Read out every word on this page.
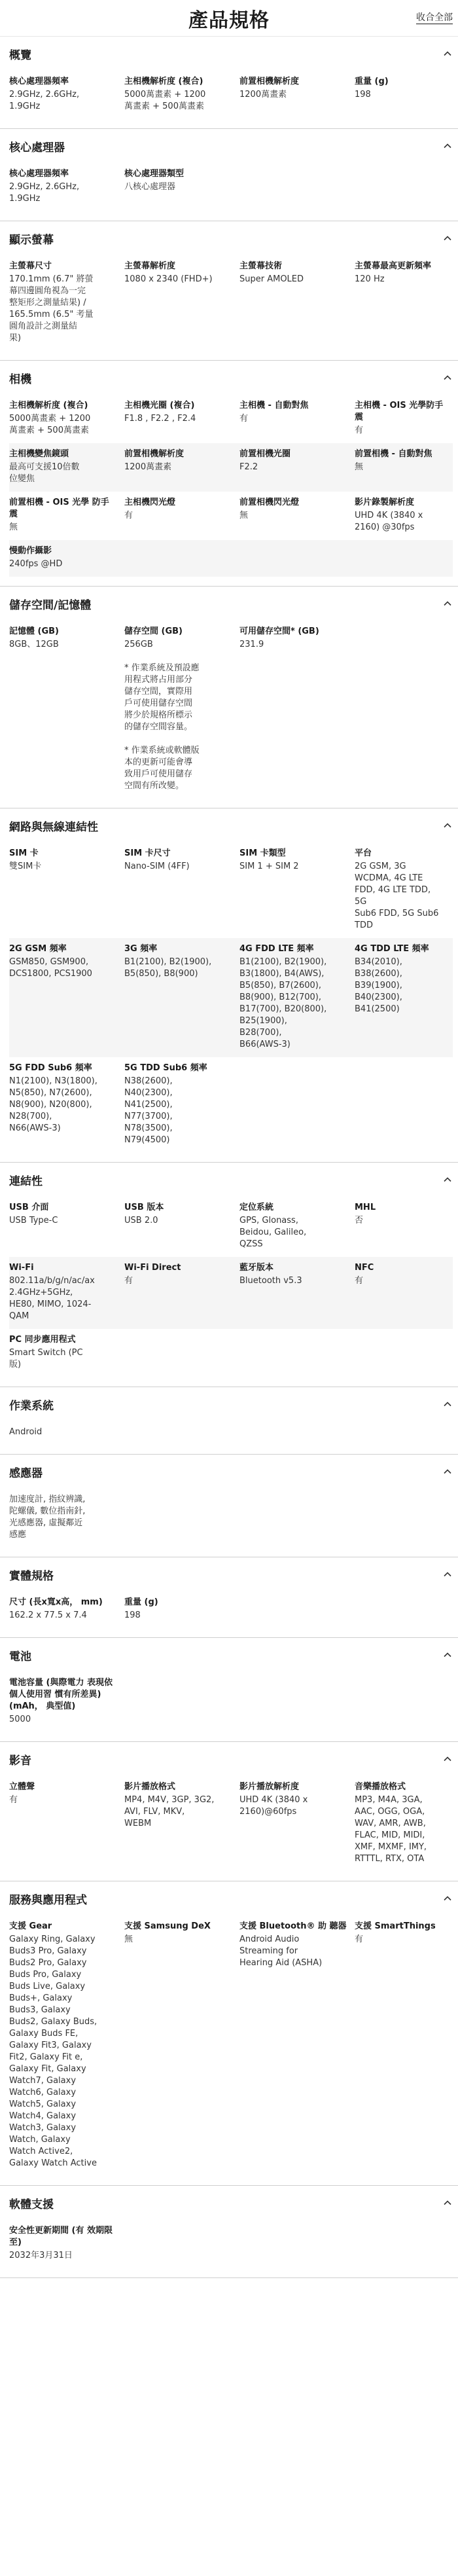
產品規格	收合全部
概覽
核心處理器頻率
2.9GHz, 2.6GHz,
1.9GHz
主相機解析度 (複合)
5000萬畫素 + 1200
萬畫素 + 500萬畫素
前置相機解析度
1200萬畫素
重量 (g)
198
核心處理器
核心處理器頻率
2.9GHz, 2.6GHz,
1.9GHz
核心處理器類型
八核心處理器
顯示螢幕
主螢幕尺寸
170.1mm (6.7" 將螢
幕四邊圓角視為一完
整矩形之測量結果) /
165.5mm (6.5" 考量
圓角設計之測量結
果)
主螢幕解析度
1080 x 2340 (FHD+)
主螢幕技術
Super AMOLED
主螢幕最高更新頻率
120 Hz
相機
主相機解析度 (複合)
5000萬畫素 + 1200
萬畫素 + 500萬畫素
主相機光圈 (複合)
F1.8 , F2.2 , F2.4
主相機 - 自動對焦
有
主相機 - OIS 光學防手震
有
主相機變焦鏡頭
最高可支援10倍數
位變焦
前置相機解析度
1200萬畫素
前置相機光圈
F2.2
前置相機 - 自動對焦
無
前置相機 - OIS 光學 防手震
無
主相機閃光燈
有
前置相機閃光燈
無
影片錄製解析度
UHD 4K (3840 x
2160) @30fps
慢動作攝影
240fps @HD
儲存空間/記憶體
記憶體 (GB)
8GB、12GB
儲存空間 (GB)
256GB

* 作業系統及預設應
用程式將占用部分
儲存空間，實際用
戶可使用儲存空間
將少於規格所標示
的儲存空間容量。

* 作業系統或軟體版
本的更新可能會導
致用戶可使用儲存
空間有所改變。
可用儲存空間* (GB)
231.9
網路與無線連結性
SIM 卡
雙SIM卡
SIM 卡尺寸
Nano-SIM (4FF)
SIM 卡類型
SIM 1 + SIM 2
平台
2G GSM, 3G
WCDMA, 4G LTE
FDD, 4G LTE TDD, 5G
Sub6 FDD, 5G Sub6
TDD
2G GSM 頻率
GSM850, GSM900,
DCS1800, PCS1900
3G 頻率
B1(2100), B2(1900),
B5(850), B8(900)
4G FDD LTE 頻率
B1(2100), B2(1900),
B3(1800), B4(AWS),
B5(850), B7(2600),
B8(900), B12(700),
B17(700), B20(800),
B25(1900),
B28(700),
B66(AWS-3)
4G TDD LTE 頻率
B34(2010),
B38(2600),
B39(1900),
B40(2300),
B41(2500)
5G FDD Sub6 頻率
N1(2100), N3(1800),
N5(850), N7(2600),
N8(900), N20(800),
N28(700),
N66(AWS-3)
5G TDD Sub6 頻率
N38(2600),
N40(2300),
N41(2500),
N77(3700),
N78(3500),
N79(4500)
連結性
USB 介面
USB Type-C
USB 版本
USB 2.0
定位系統
GPS, Glonass,
Beidou, Galileo,
QZSS
MHL
否
Wi-Fi
802.11a/b/g/n/ac/ax
2.4GHz+5GHz,
HE80, MIMO, 1024-
QAM
Wi-Fi Direct
有
藍牙版本
Bluetooth v5.3
NFC
有
PC 同步應用程式
Smart Switch (PC
版)
作業系統
Android
感應器
加速度計, 指紋辨識,
陀螺儀, 數位指南針,
光感應器, 虛擬鄰近
感應
實體規格
尺寸 (長x寬x高， mm)
162.2 x 77.5 x 7.4
重量 (g)
198
電池
電池容量 (與際電力 表現依個人使用習 慣有所差異) (mAh， 典型值)
5000
影音
立體聲
有
影片播放格式
MP4, M4V, 3GP, 3G2,
AVI, FLV, MKV,
WEBM
影片播放解析度
UHD 4K (3840 x
2160)@60fps
音樂播放格式
MP3, M4A, 3GA,
AAC, OGG, OGA,
WAV, AMR, AWB,
FLAC, MID, MIDI,
XMF, MXMF, IMY,
RTTTL, RTX, OTA
服務與應用程式
支援 Gear
Galaxy Ring, Galaxy
Buds3 Pro, Galaxy
Buds2 Pro, Galaxy
Buds Pro, Galaxy
Buds Live, Galaxy
Buds+, Galaxy
Buds3, Galaxy
Buds2, Galaxy Buds,
Galaxy Buds FE,
Galaxy Fit3, Galaxy
Fit2, Galaxy Fit e,
Galaxy Fit, Galaxy
Watch7, Galaxy
Watch6, Galaxy
Watch5, Galaxy
Watch4, Galaxy
Watch3, Galaxy
Watch, Galaxy
Watch Active2,
Galaxy Watch Active
支援 Samsung DeX
無
支援 Bluetooth® 助 聽器
Android Audio
Streaming for
Hearing Aid (ASHA)
支援 SmartThings
有
軟體支援
安全性更新期間 (有 效期限至)
2032年3月31日
